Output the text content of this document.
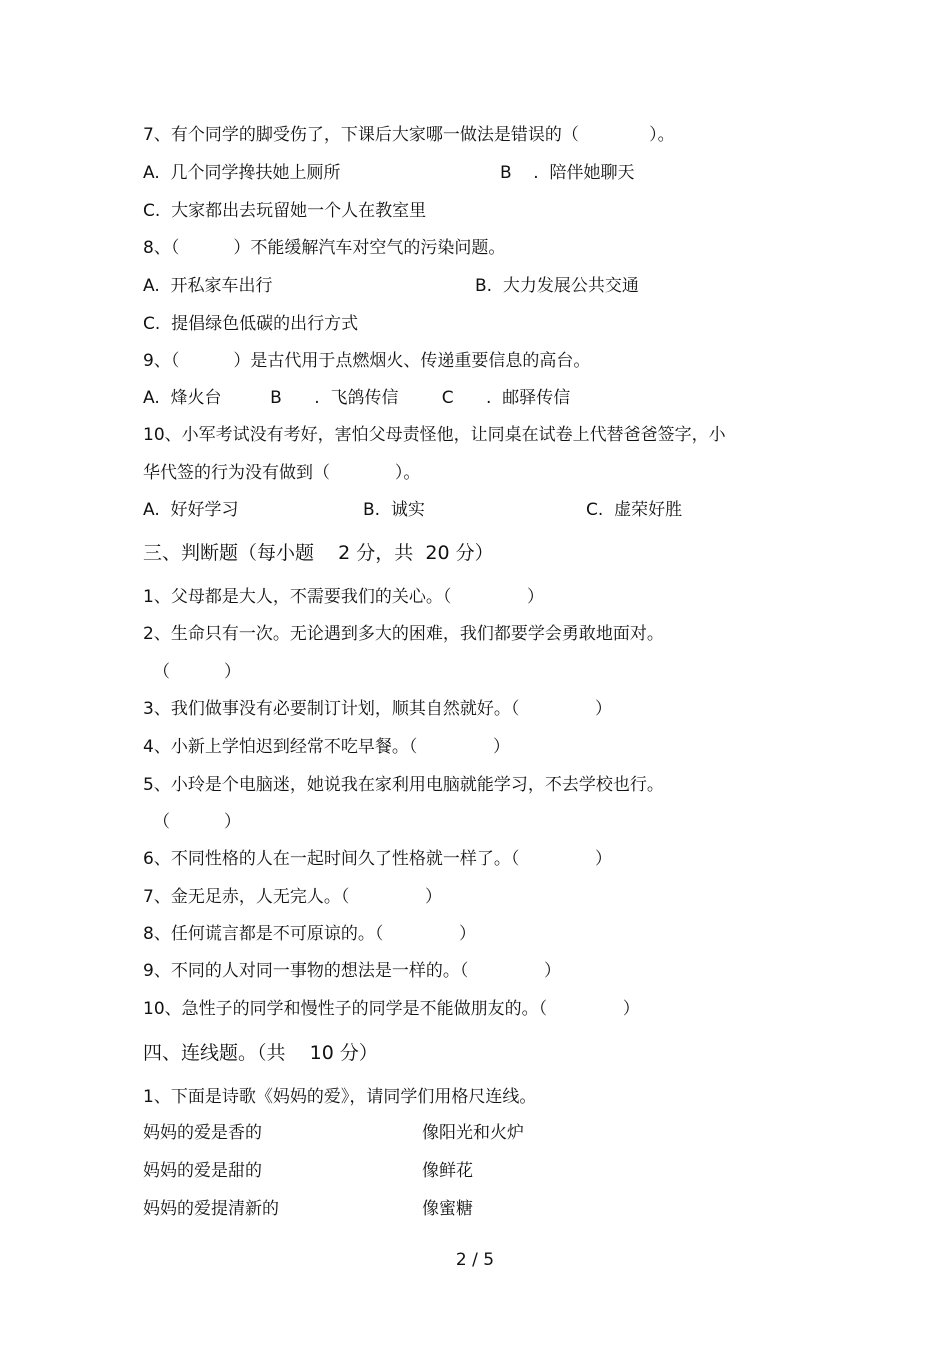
7、有个同学的脚受伤了，下课后大家哪一做法是错误的（             ）。
A.  几个同学搀扶她上厕所	B    .  陪伴她聊天
C.  大家都出去玩留她一个人在教室里
8、（          ）不能缓解汽车对空气的污染问题。
A.  开私家车出行	B.  大力发展公共交通
C.  提倡绿色低碳的出行方式
9、（          ）是古代用于点燃烟火、传递重要信息的高台。
A.  烽火台         B      .  飞鸽传信        C      .  邮驿传信
10、小军考试没有考好，害怕父母责怪他，让同桌在试卷上代替爸爸签字，小
华代签的行为没有做到（            ）。
A.  好好学习	B.  诚实	C.  虚荣好胜
三、判断题（每小题    2 分，共  20 分）
1、父母都是大人，不需要我们的关心。（              ）
2、生命只有一次。无论遇到多大的困难，我们都要学会勇敢地面对。
（          ）
3、我们做事没有必要制订计划，顺其自然就好。（              ）
4、小新上学怕迟到经常不吃早餐。（              ）
5、小玲是个电脑迷，她说我在家利用电脑就能学习，不去学校也行。
（          ）
6、不同性格的人在一起时间久了性格就一样了。（              ）
7、金无足赤，人无完人。（              ）
8、任何谎言都是不可原谅的。（              ）
9、不同的人对同一事物的想法是一样的。（              ）
10、急性子的同学和慢性子的同学是不能做朋友的。（              ）
四、连线题。（共    10 分）
1、下面是诗歌《妈妈的爱》，请同学们用格尺连线。
妈妈的爱是香的	像阳光和火炉
妈妈的爱是甜的	像鲜花
妈妈的爱提清新的	像蜜糖
2 / 5
